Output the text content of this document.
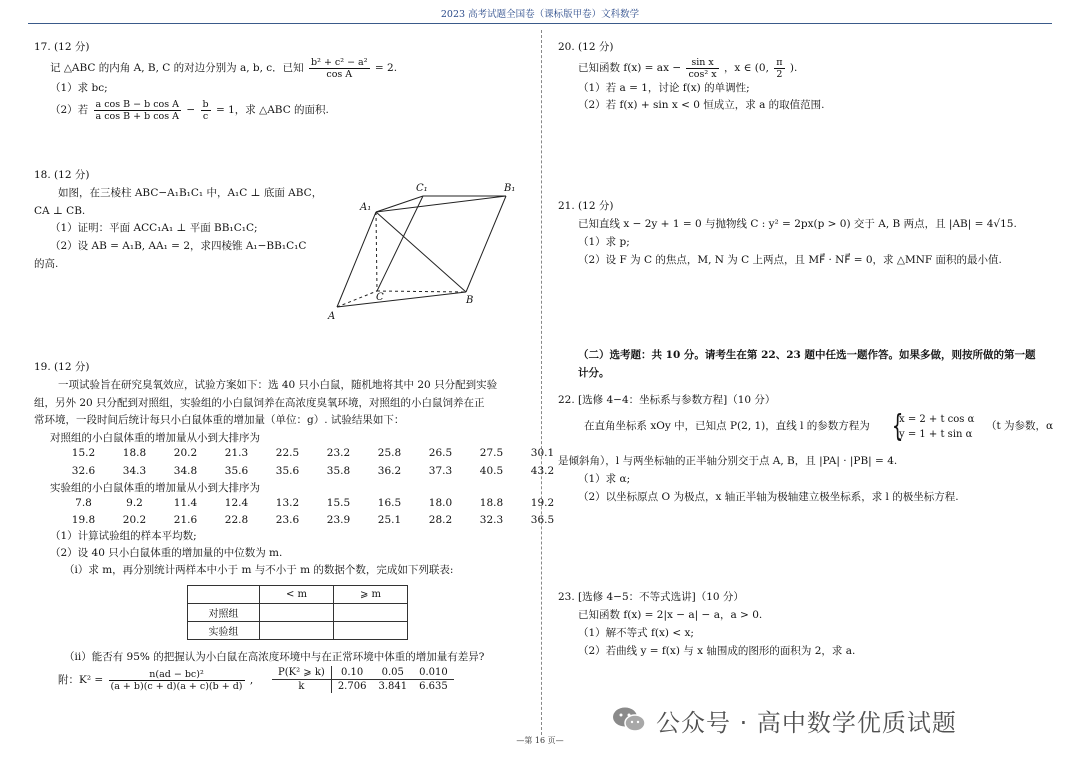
2023 高考试题全国卷（课标版甲卷）文科数学
17. (12 分)
记 △ABC 的内角 A, B, C 的对边分别为 a, b, c．已知 $\frac{\text{b² + c² − a²}}{\text{cos A}} = 2$.
（1）求 bc;
（2）若 $\frac{\text{a cos B − b cos A}}{\text{a cos B + b cos A}} - \frac{b}{c} = 1$，求 △ABC 的面积.
18. (12 分)
如图，在三棱柱 ABC−A₁B₁C₁ 中，A₁C ⊥ 底面 ABC，
CA ⊥ CB.
（1）证明：平面 ACC₁A₁ ⊥ 平面 BB₁C₁C;
（2）设 AB = A₁B, AA₁ = 2，求四棱锥 A₁−BB₁C₁C
的高.
A₁
C₁	B₁
A
B
C
19. (12 分)
一项试验旨在研究臭氧效应，试验方案如下：选 40 只小白鼠，随机地将其中 20 只分配到实验
组，另外 20 只分配到对照组，实验组的小白鼠饲养在高浓度臭氧环境，对照组的小白鼠饲养在正
常环境，一段时间后统计每只小白鼠体重的增加量（单位：g）. 试验结果如下：
对照组的小白鼠体重的增加量从小到大排序为
15.2	18.8	20.2	21.3	22.5	23.2	25.8	26.5	27.5	30.1
32.6	34.3	34.8	35.6	35.6	35.8	36.2	37.3	40.5	43.2
实验组的小白鼠体重的增加量从小到大排序为
7.8	9.2	11.4	12.4	13.2	15.5	16.5	18.0	18.8	19.2
19.8	20.2	21.6	22.8	23.6	23.9	25.1	28.2	32.3	36.5
（1）计算试验组的样本平均数;
（2）设 40 只小白鼠体重的增加量的中位数为 m.
（ⅰ）求 m，再分别统计两样本中小于 m 与不小于 m 的数据个数，完成如下列联表:
	< m	⩾ m
对照组		
实验组		
（ⅱ）能否有 95% 的把握认为小白鼠在高浓度环境中与在正常环境中体重的增加量有差异?
附：$K^2 = \frac{\text{n(ad − bc)²}}{(a + b)(c + d)(a + c)(b + d)}$ ,
P(K² ⩾ k)	0.10	0.05	0.010
k	2.706	3.841	6.635
20. (12 分)
已知函数 f(x) = ax − $\frac{\text{sin x}}{\text{cos² x}}$ ，x ∈ (0, $\frac{\pi}{2}$ ).
（1）若 a = 1，讨论 f(x) 的单调性;
（2）若 f(x) + sin x < 0 恒成立，求 a 的取值范围.
21. (12 分)
已知直线 x − 2y + 1 = 0 与抛物线 C : y² = 2px(p > 0) 交于 A, B 两点，且 |AB| = 4√15.
（1）求 p;
（2）设 F 为 C 的焦点，M, N 为 C 上两点，且 MF⃗ · NF⃗ = 0，求 △MNF 面积的最小值.
（二）选考题：共 10 分。请考生在第 22、23 题中任选一题作答。如果多做，则按所做的第一题
计分。
22. [选修 4−4：坐标系与参数方程]（10 分）
在直角坐标系 xOy 中，已知点 P(2, 1)，直线 l 的参数方程为 {
x = 2 + t cos α
y = 1 + t sin α
（t 为参数，α
是倾斜角），l 与两坐标轴的正半轴分别交于点 A, B，且 |PA| · |PB| = 4.
（1）求 α;
（2）以坐标原点 O 为极点，x 轴正半轴为极轴建立极坐标系，求 l 的极坐标方程.
23. [选修 4−5：不等式选讲]（10 分）
已知函数 f(x) = 2|x − a| − a，a > 0.
（1）解不等式 f(x) < x;
（2）若曲线 y = f(x) 与 x 轴围成的图形的面积为 2，求 a.
公众号 · 高中数学优质试题
—第 16 页—
